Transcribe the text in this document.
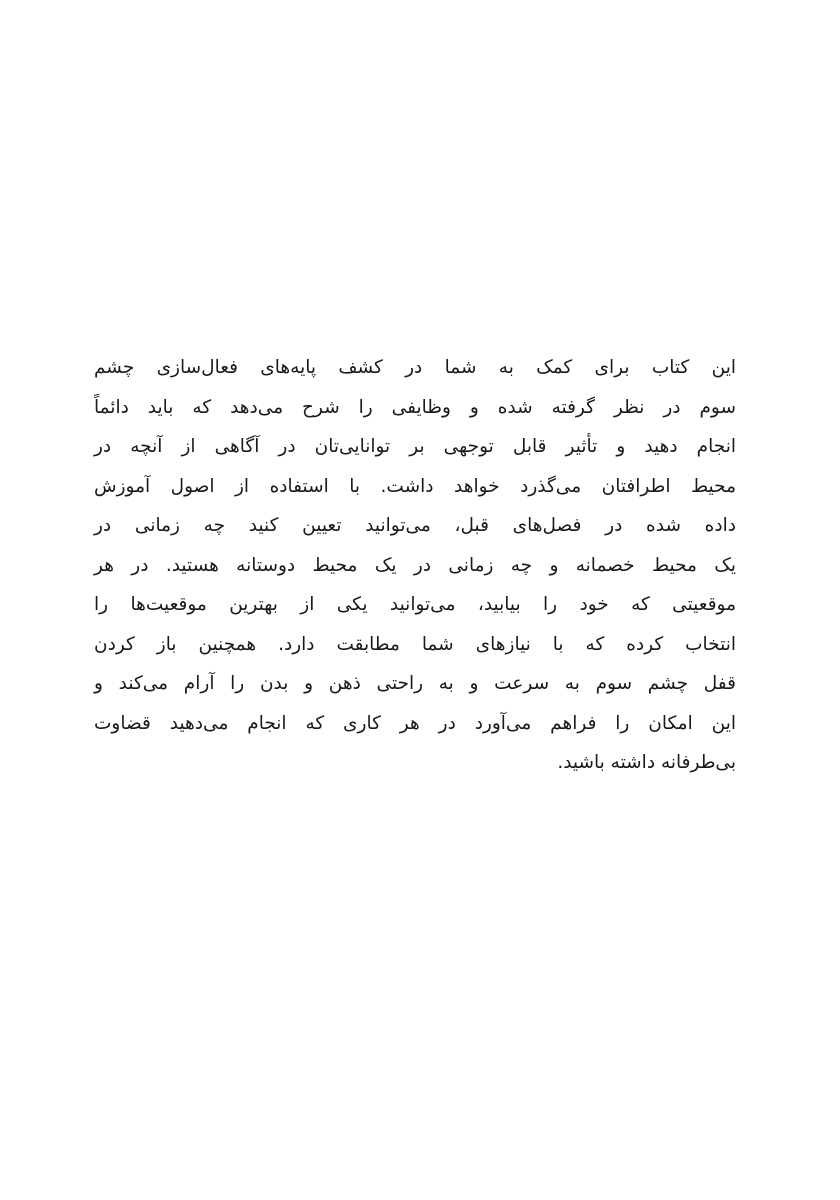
این کتاب برای کمک به شما در کشف پایه‌های فعال‌سازی چشم
سوم در نظر گرفته شده و وظایفی را شرح می‌دهد که باید دائماً
انجام دهید و تأثیر قابل توجهی بر توانایی‌تان در آگاهی از آنچه در
محیط اطرافتان می‌گذرد خواهد داشت. با استفاده از اصول آموزش
داده شده در فصل‌های قبل، می‌توانید تعیین کنید چه زمانی در
یک محیط خصمانه و چه زمانی در یک محیط دوستانه هستید. در هر
موقعیتی که خود را بیابید، می‌توانید یکی از بهترین موقعیت‌ها را
انتخاب کرده که با نیازهای شما مطابقت دارد. همچنین باز کردن
قفل چشم سوم به سرعت و به راحتی ذهن و بدن را آرام می‌کند و
این امکان را فراهم می‌آورد در هر کاری که انجام می‌دهید قضاوت
بی‌طرفانه داشته باشید.
